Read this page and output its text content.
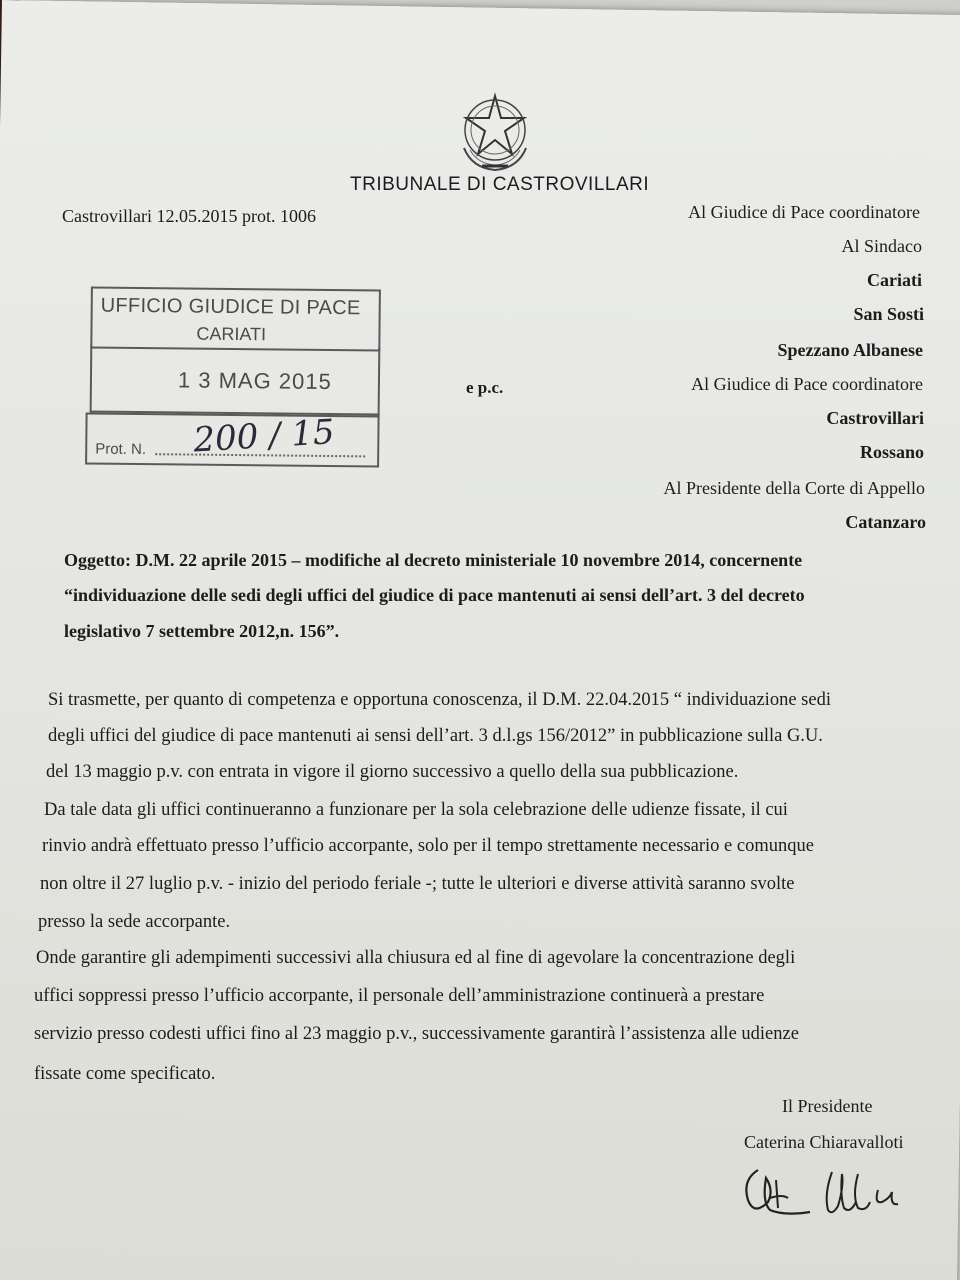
TRIBUNALE DI CASTROVILLARI
Castrovillari 12.05.2015 prot. 1006	Al Giudice di Pace coordinatore
Al Sindaco
Cariati
San Sosti
Spezzano Albanese
e p.c.	Al Giudice di Pace coordinatore
Castrovillari
Rossano
Al Presidente della Corte di Appello
Catanzaro
UFFICIO GIUDICE DI PACE
CARIATI
1 3 MAG 2015
Prot. N. 200 / 15
Oggetto: D.M. 22 aprile 2015 – modifiche al decreto ministeriale 10 novembre 2014, concernente
“individuazione delle sedi degli uffici del giudice di pace mantenuti ai sensi dell’art. 3 del decreto
legislativo 7 settembre 2012,n. 156”.
Si trasmette, per quanto di competenza e opportuna conoscenza, il D.M. 22.04.2015 “ individuazione sedi
degli uffici del giudice di pace mantenuti ai sensi dell’art. 3 d.l.gs 156/2012” in pubblicazione sulla G.U.
del 13 maggio p.v. con entrata in vigore il giorno successivo a quello della sua pubblicazione.
Da tale data gli uffici continueranno a funzionare per la sola celebrazione delle udienze fissate, il cui
rinvio andrà effettuato presso l’ufficio accorpante, solo per il tempo strettamente necessario e comunque
non oltre il 27 luglio p.v. - inizio del periodo feriale -; tutte le ulteriori e diverse attività saranno svolte
presso la sede accorpante.
Onde garantire gli adempimenti successivi alla chiusura ed al fine di agevolare la concentrazione degli
uffici soppressi presso l’ufficio accorpante, il personale dell’amministrazione continuerà a prestare
servizio presso codesti uffici fino al 23 maggio p.v., successivamente garantirà l’assistenza alle udienze
fissate come specificato.
Il Presidente
Caterina Chiaravalloti
